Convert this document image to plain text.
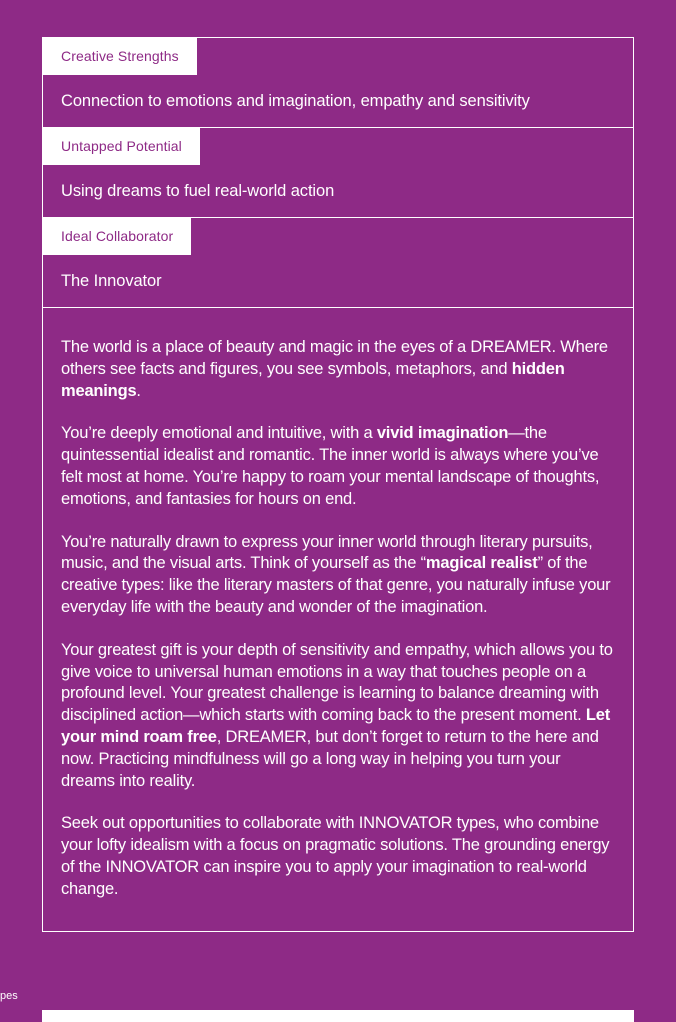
Creative Strengths
Connection to emotions and imagination, empathy and sensitivity
Untapped Potential
Using dreams to fuel real-world action
Ideal Collaborator
The Innovator

The world is a place of beauty and magic in the eyes of a DREAMER. Where others see facts and figures, you see symbols, metaphors, and hidden meanings.

You’re deeply emotional and intuitive, with a vivid imagination—the quintessential idealist and romantic. The inner world is always where you’ve felt most at home. You’re happy to roam your mental landscape of thoughts, emotions, and fantasies for hours on end.

You’re naturally drawn to express your inner world through literary pursuits, music, and the visual arts. Think of yourself as the “magical realist” of the creative types: like the literary masters of that genre, you naturally infuse your everyday life with the beauty and wonder of the imagination.

Your greatest gift is your depth of sensitivity and empathy, which allows you to give voice to universal human emotions in a way that touches people on a profound level. Your greatest challenge is learning to balance dreaming with disciplined action—which starts with coming back to the present moment. Let your mind roam free, DREAMER, but don’t forget to return to the here and now. Practicing mindfulness will go a long way in helping you turn your dreams into reality.

Seek out opportunities to collaborate with INNOVATOR types, who combine your lofty idealism with a focus on pragmatic solutions. The grounding energy of the INNOVATOR can inspire you to apply your imagination to real-world change.

pes
